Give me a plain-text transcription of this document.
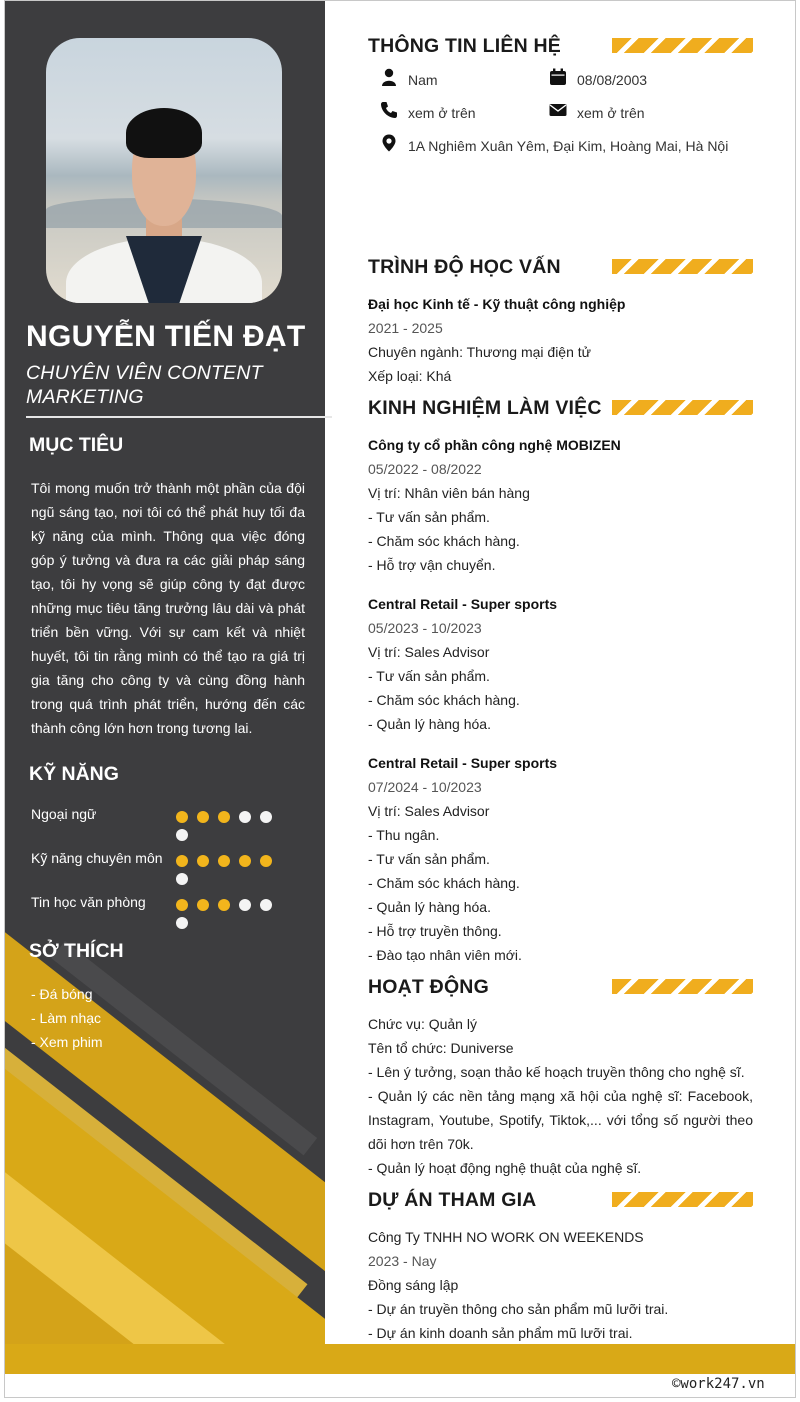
NGUYỄN TIẾN ĐẠT
CHUYÊN VIÊN CONTENT MARKETING
MỤC TIÊU
Tôi mong muốn trở thành một phần của đội ngũ sáng tạo, nơi tôi có thể phát huy tối đa kỹ năng của mình. Thông qua việc đóng góp ý tưởng và đưa ra các giải pháp sáng tạo, tôi hy vọng sẽ giúp công ty đạt được những mục tiêu tăng trưởng lâu dài và phát triển bền vững. Với sự cam kết và nhiệt huyết, tôi tin rằng mình có thể tạo ra giá trị gia tăng cho công ty và cùng đồng hành trong quá trình phát triển, hướng đến các thành công lớn hơn trong tương lai.
KỸ NĂNG
Ngoại ngữ
Kỹ năng chuyên môn
Tin học văn phòng
SỞ THÍCH
- Đá bóng
- Làm nhạc
- Xem phim
THÔNG TIN LIÊN HỆ
Nam	08/08/2003
xem ở trên	xem ở trên
1A Nghiêm Xuân Yêm, Đại Kim, Hoàng Mai, Hà Nội
TRÌNH ĐỘ HỌC VẤN
Đại học Kinh tế - Kỹ thuật công nghiệp
2021 - 2025
Chuyên ngành: Thương mại điện tử
Xếp loại: Khá
KINH NGHIỆM LÀM VIỆC
Công ty cổ phần công nghệ MOBIZEN
05/2022 - 08/2022
Vị trí: Nhân viên bán hàng
- Tư vấn sản phẩm.
- Chăm sóc khách hàng.
- Hỗ trợ vận chuyển.
Central Retail - Super sports
05/2023 - 10/2023
Vị trí: Sales Advisor
- Tư vấn sản phẩm.
- Chăm sóc khách hàng.
- Quản lý hàng hóa.
Central Retail - Super sports
07/2024 - 10/2023
Vị trí: Sales Advisor
- Thu ngân.
- Tư vấn sản phẩm.
- Chăm sóc khách hàng.
- Quản lý hàng hóa.
- Hỗ trợ truyền thông.
- Đào tạo nhân viên mới.
HOẠT ĐỘNG
Chức vụ: Quản lý
Tên tổ chức: Duniverse
- Lên ý tưởng, soạn thảo kế hoạch truyền thông cho nghệ sĩ.
- Quản lý các nền tảng mạng xã hội của nghệ sĩ: Facebook, Instagram, Youtube, Spotify, Tiktok,... với tổng số người theo dõi hơn trên 70k.
- Quản lý hoạt động nghệ thuật của nghệ sĩ.
DỰ ÁN THAM GIA
Công Ty TNHH NO WORK ON WEEKENDS
2023 - Nay
Đồng sáng lập
- Dự án truyền thông cho sản phẩm mũ lưỡi trai.
- Dự án kinh doanh sản phẩm mũ lưỡi trai.
©work247.vn
